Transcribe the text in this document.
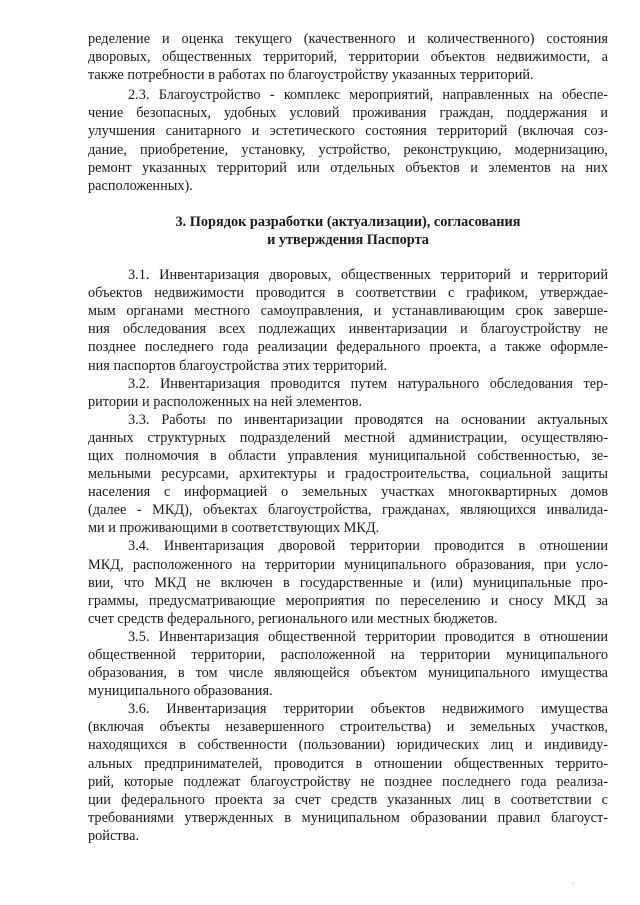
ределение и оценка текущего (качественного и количественного) состояния
дворовых, общественных территорий, территории объектов недвижимости, а
также потребности в работах по благоустройству указанных территорий.
2.3. Благоустройство - комплекс мероприятий, направленных на обеспе-
чение безопасных, удобных условий проживания граждан, поддержания и
улучшения санитарного и эстетического состояния территорий (включая соз-
дание, приобретение, установку, устройство, реконструкцию, модернизацию,
ремонт указанных территорий или отдельных объектов и элементов на них
расположенных).
3. Порядок разработки (актуализации), согласования
и утверждения Паспорта
3.1. Инвентаризация дворовых, общественных территорий и территорий
объектов недвижимости проводится в соответствии с графиком, утверждае-
мым органами местного самоуправления, и устанавливающим срок заверше-
ния обследования всех подлежащих инвентаризации и благоустройству не
позднее последнего года реализации федерального проекта, а также оформле-
ния паспортов благоустройства этих территорий.
3.2. Инвентаризация проводится путем натурального обследования тер-
ритории и расположенных на ней элементов.
3.3. Работы по инвентаризации проводятся на основании актуальных
данных структурных подразделений местной администрации, осуществляю-
щих полномочия в области управления муниципальной собственностью, зе-
мельными ресурсами, архитектуры и градостроительства, социальной защиты
населения с информацией о земельных участках многоквартирных домов
(далее - МКД), объектах благоустройства, гражданах, являющихся инвалида-
ми и проживающими в соответствующих МКД.
3.4. Инвентаризация дворовой территории проводится в отношении
МКД, расположенного на территории муниципального образования, при усло-
вии, что МКД не включен в государственные и (или) муниципальные про-
граммы, предусматривающие мероприятия по переселению и сносу МКД за
счет средств федерального, регионального или местных бюджетов.
3.5. Инвентаризация общественной территории проводится в отношении
общественной территории, расположенной на территории муниципального
образования, в том числе являющейся объектом муниципального имущества
муниципального образования.
3.6. Инвентаризация территории объектов недвижимого имущества
(включая объекты незавершенного строительства) и земельных участков,
находящихся в собственности (пользовании) юридических лиц и индивиду-
альных предпринимателей, проводится в отношении общественных террито-
рий, которые подлежат благоустройству не позднее последнего года реализа-
ции федерального проекта за счет средств указанных лиц в соответствии с
требованиями утвержденных в муниципальном образовании правил благоуст-
ройства.
·
